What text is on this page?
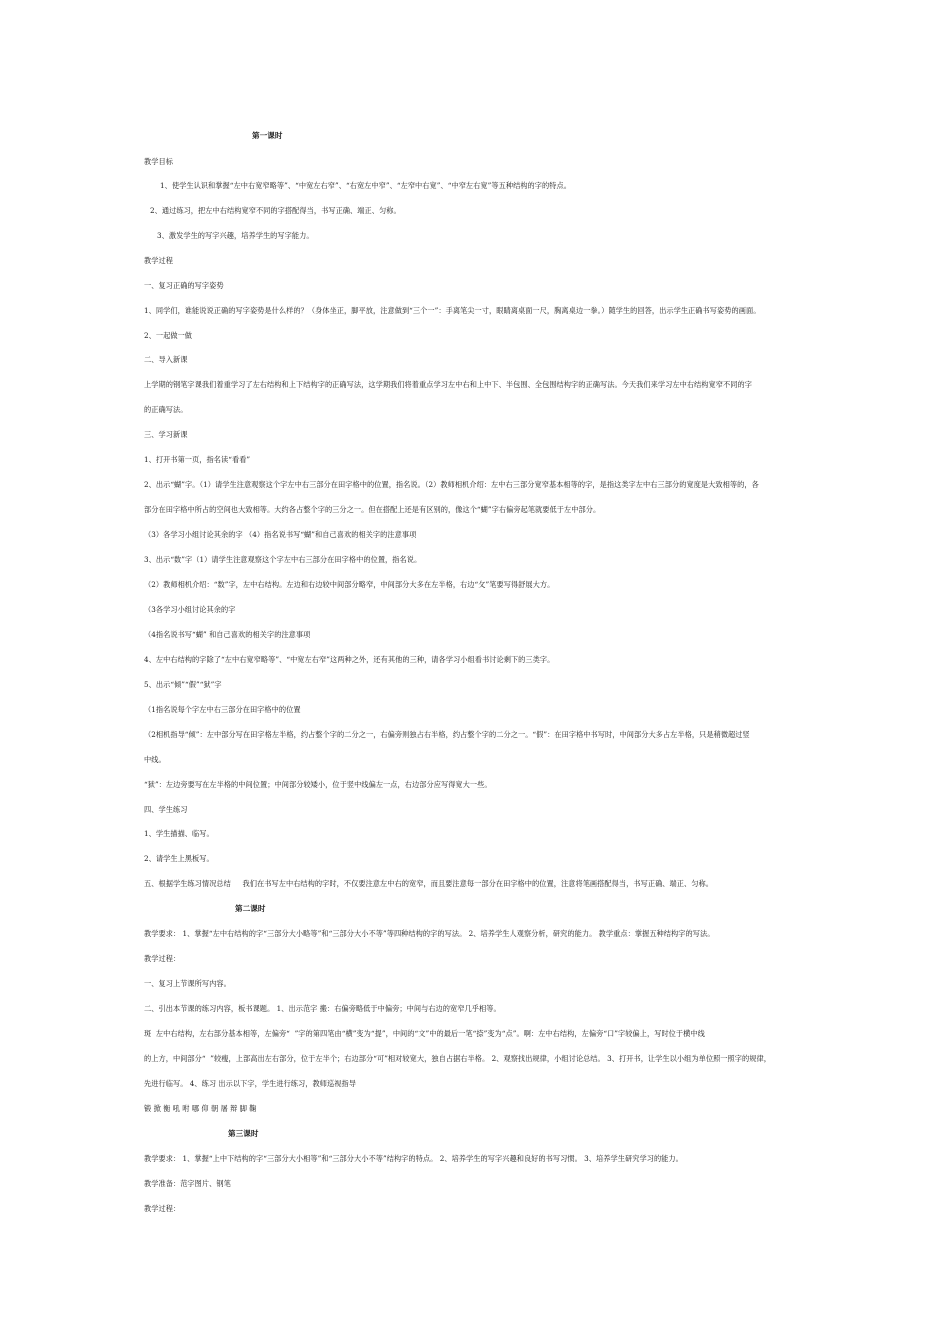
第一课时
教学目标
1、使学生认识和掌握“左中右宽窄略等”、“中宽左右窄”、“右宽左中窄”、“左窄中右宽”、“中窄左右宽”等五种结构的字的特点。
2、通过练习，把左中右结构宽窄不同的字搭配得当，书写正确、端正、匀称。
3、激发学生的写字兴趣，培养学生的写字能力。
教学过程
一、复习正确的写字姿势
1、同学们，谁能说说正确的写字姿势是什么样的？（身体坐正，脚平放，注意做到“三个一”：手离笔尖一寸，眼睛离桌面一尺，胸离桌边一拳。）随学生的回答，出示学生正确书写姿势的画面。
2、一起做一做
二、导入新课
上学期的钢笔字课我们着重学习了左右结构和上下结构字的正确写法，这学期我们将着重点学习左中右和上中下、半包围、全包围结构字的正确写法。今天我们来学习左中右结构宽窄不同的字
的正确写法。
三、学习新课
1、打开书第一页，指名读“看看”
2、出示“蝴”字。（1）请学生注意观察这个字左中右三部分在田字格中的位置，指名说。（2）教师相机介绍：左中右三部分宽窄基本相等的字，是指这类字左中右三部分的宽度是大致相等的，各
部分在田字格中所占的空间也大致相等。大约各占整个字的三分之一。但在搭配上还是有区别的，像这个“蝴”字右偏旁起笔就要低于左中部分。
（3）各学习小组讨论其余的字 （4）指名说书写“蝴”和自己喜欢的相关字的注意事项
3、出示“数”字（1）请学生注意观察这个字左中右三部分在田字格中的位置，指名说。
（2）教师相机介绍：“数”字，左中右结构。左边和右边较中间部分略窄，中间部分大多在左半格，右边“攵”笔要写得舒展大方。
（3各学习小组讨论其余的字
（4指名说书写“蝴” 和自己喜欢的相关字的注意事项
4、左中右结构的字除了“左中右宽窄略等”、“中宽左右窄”这两种之外，还有其他的三种，请各学习小组看书讨论剩下的三类字。
5、出示“倾”“假”“狱”字
（1指名说每个字左中右三部分在田字格中的位置
（2相机指导“倾”：左中部分写在田字格左半格，约占整个字的二分之一，右偏旁则独占右半格，约占整个字的二分之一。“假”：在田字格中书写时，中间部分大多占左半格，只是稍微超过竖
中线。
“狱”：左边旁要写在左半格的中间位置；中间部分较矮小，位于竖中线偏左一点，右边部分应写得宽大一些。
四、学生练习
1、学生描描、临写。
2、请学生上黑板写。
五、根据学生练习情况总结     我们在书写左中右结构的字时，不仅要注意左中右的宽窄，而且要注意每一部分在田字格中的位置，注意将笔画搭配得当，书写正确、端正、匀称。
第二课时
教学要求： 1、掌握“左中右结构的字“三部分大小略等”和“三部分大小不等”等四种结构的字的写法。 2、培养学生人观察分析，研究的能力。 教学重点：掌握五种结构字的写法。
教学过程：
一、复习上节课所写内容。
二、引出本节课的练习内容，板书课题。 1、出示范字 搬：右偏旁略低于中偏旁；中间与右边的宽窄几乎相等。
斑  左中右结构，左右部分基本相等，左偏旁“  ”字的第四笔由“横”变为“提”，中间的“文”中的最后一笔“捺”变为“点”。啊：左中右结构，左偏旁“口”字较偏上，写时位于横中线
的上方，中间部分“  ”较瘦，上部高出左右部分，位于左半个；右边部分“可”相对较宽大，独自占据右半格。 2、观察找出规律，小组讨论总结。 3、打开书，让学生以小组为单位照一照字的规律，
先进行临写。 4、练习 出示以下字，学生进行练习，教师巡视指导
锻 掀 衡 吼 咐 哪 仰 朝 屠 辩 脚 鞠
第三课时
教学要求： 1、掌握“上中下结构的字“三部分大小相等”和“三部分大小不等”结构字的特点。 2、培养学生的写字兴趣和良好的书写习惯。 3、培养学生研究学习的能力。
教学准备：范字图片、钢笔
教学过程：
